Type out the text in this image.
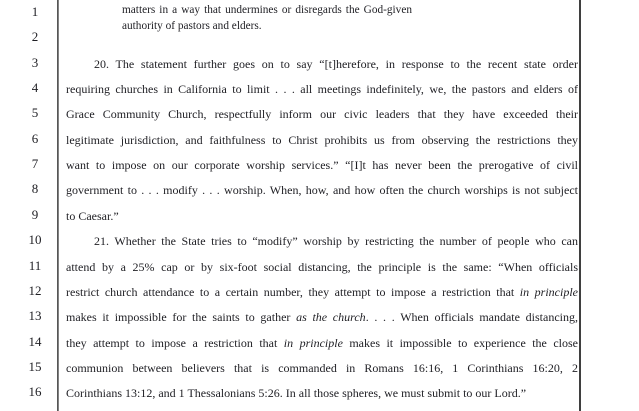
1
2
3
4
5
6
7
8
9
10
11
12
13
14
15
16
matters in a way that undermines or disregards the God-given
authority of pastors and elders.
20. The statement further goes on to say “[t]herefore, in response to the recent state order
requiring churches in California to limit . . . all meetings indefinitely, we, the pastors and elders of
Grace Community Church, respectfully inform our civic leaders that they have exceeded their
legitimate jurisdiction, and faithfulness to Christ prohibits us from observing the restrictions they
want to impose on our corporate worship services.” “[I]t has never been the prerogative of civil
government to . . . modify . . . worship. When, how, and how often the church worships is not subject
to Caesar.”
21. Whether the State tries to “modify” worship by restricting the number of people who can
attend by a 25% cap or by six-foot social distancing, the principle is the same: “When officials
restrict church attendance to a certain number, they attempt to impose a restriction that in principle
makes it impossible for the saints to gather as the church. . . . When officials mandate distancing,
they attempt to impose a restriction that in principle makes it impossible to experience the close
communion between believers that is commanded in Romans 16:16, 1 Corinthians 16:20, 2
Corinthians 13:12, and 1 Thessalonians 5:26. In all those spheres, we must submit to our Lord.”
